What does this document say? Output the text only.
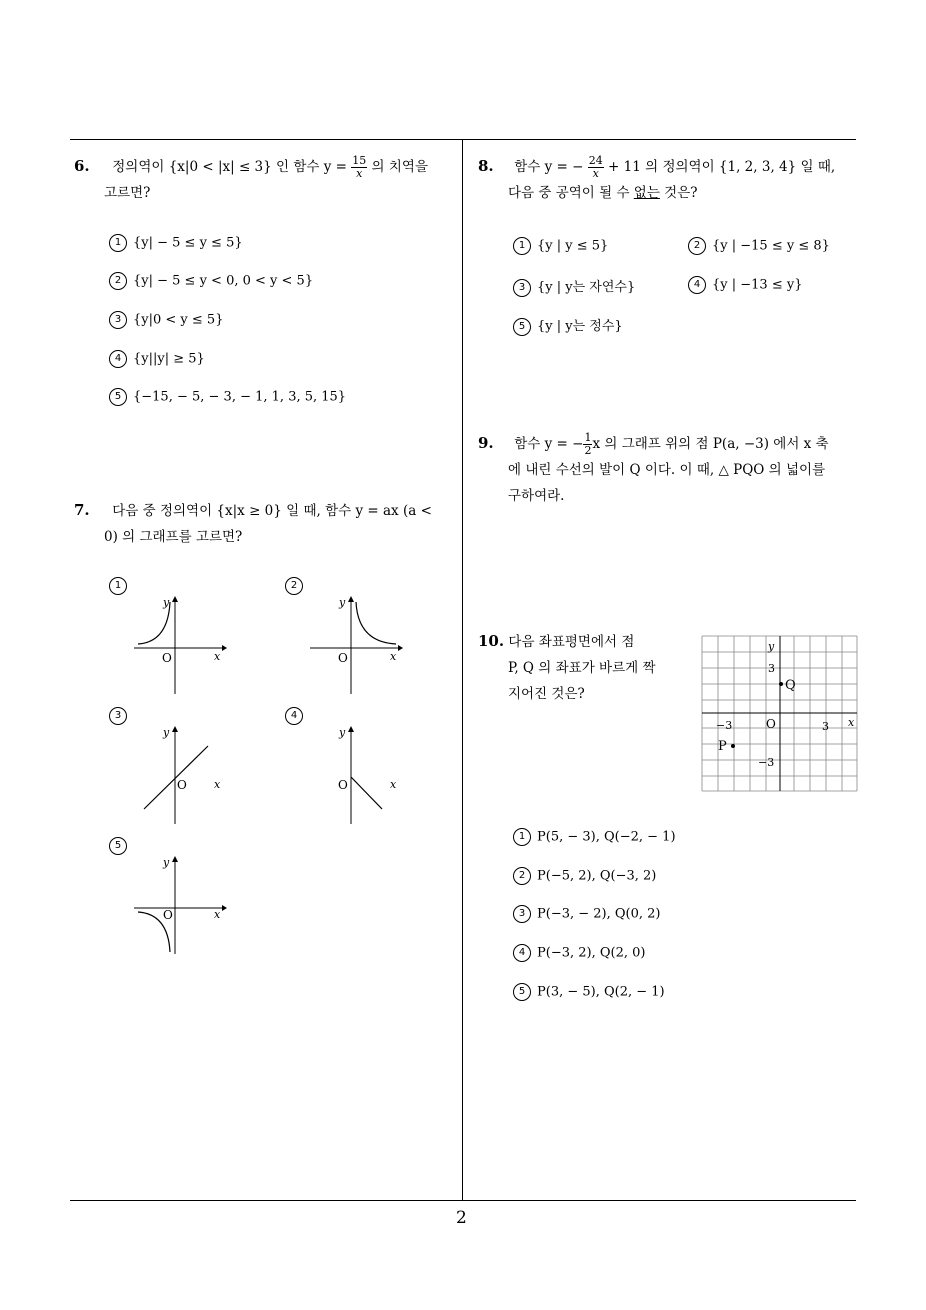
6. 정의역이 {x|0 < |x| ≤ 3} 인 함수 $y = \frac{15}{x}$ 의 치역을
고르면?
1 {y| − 5 ≤ y ≤ 5}
2 {y| − 5 ≤ y < 0, 0 < y < 5}
3 {y|0 < y ≤ 5}
4 {y||y| ≥ 5}
5 {−15, − 5, − 3, − 1, 1, 3, 5, 15}
7. 다음 중 정의역이 {x|x ≥ 0} 일 때, 함수 y = ax (a <
0) 의 그래프를 고르면?
1	2
3	4
5
x
y
O	x
y
O
x
y
O	x
y
O
x
y
O
8. 함수 y = − $\frac{24}{x} + 11$ 의 정의역이 {1, 2, 3, 4} 일 때,
다음 중 공역이 될 수 없는 것은?
1 {y | y ≤ 5}	2 {y | −15 ≤ y ≤ 8}
3 {y | y는 자연수}	4 {y | −13 ≤ y}
5 {y | y는 정수}
9. 함수 y = − $\frac{1}{2}$ x 의 그래프 위의 점 P(a, −3) 에서 x 축
에 내린 수선의 발이 Q 이다. 이 때, △ PQO 의 넓이를
구하여라.
10. 다음 좌표평면에서 점
P, Q 의 좌표가 바르게 짝
지어진 것은?
y
x
O
3
−3	3
−3
P
Q
1 P(5, − 3), Q(−2, − 1)
2 P(−5, 2), Q(−3, 2)
3 P(−3, − 2), Q(0, 2)
4 P(−3, 2), Q(2, 0)
5 P(3, − 5), Q(2, − 1)
2
